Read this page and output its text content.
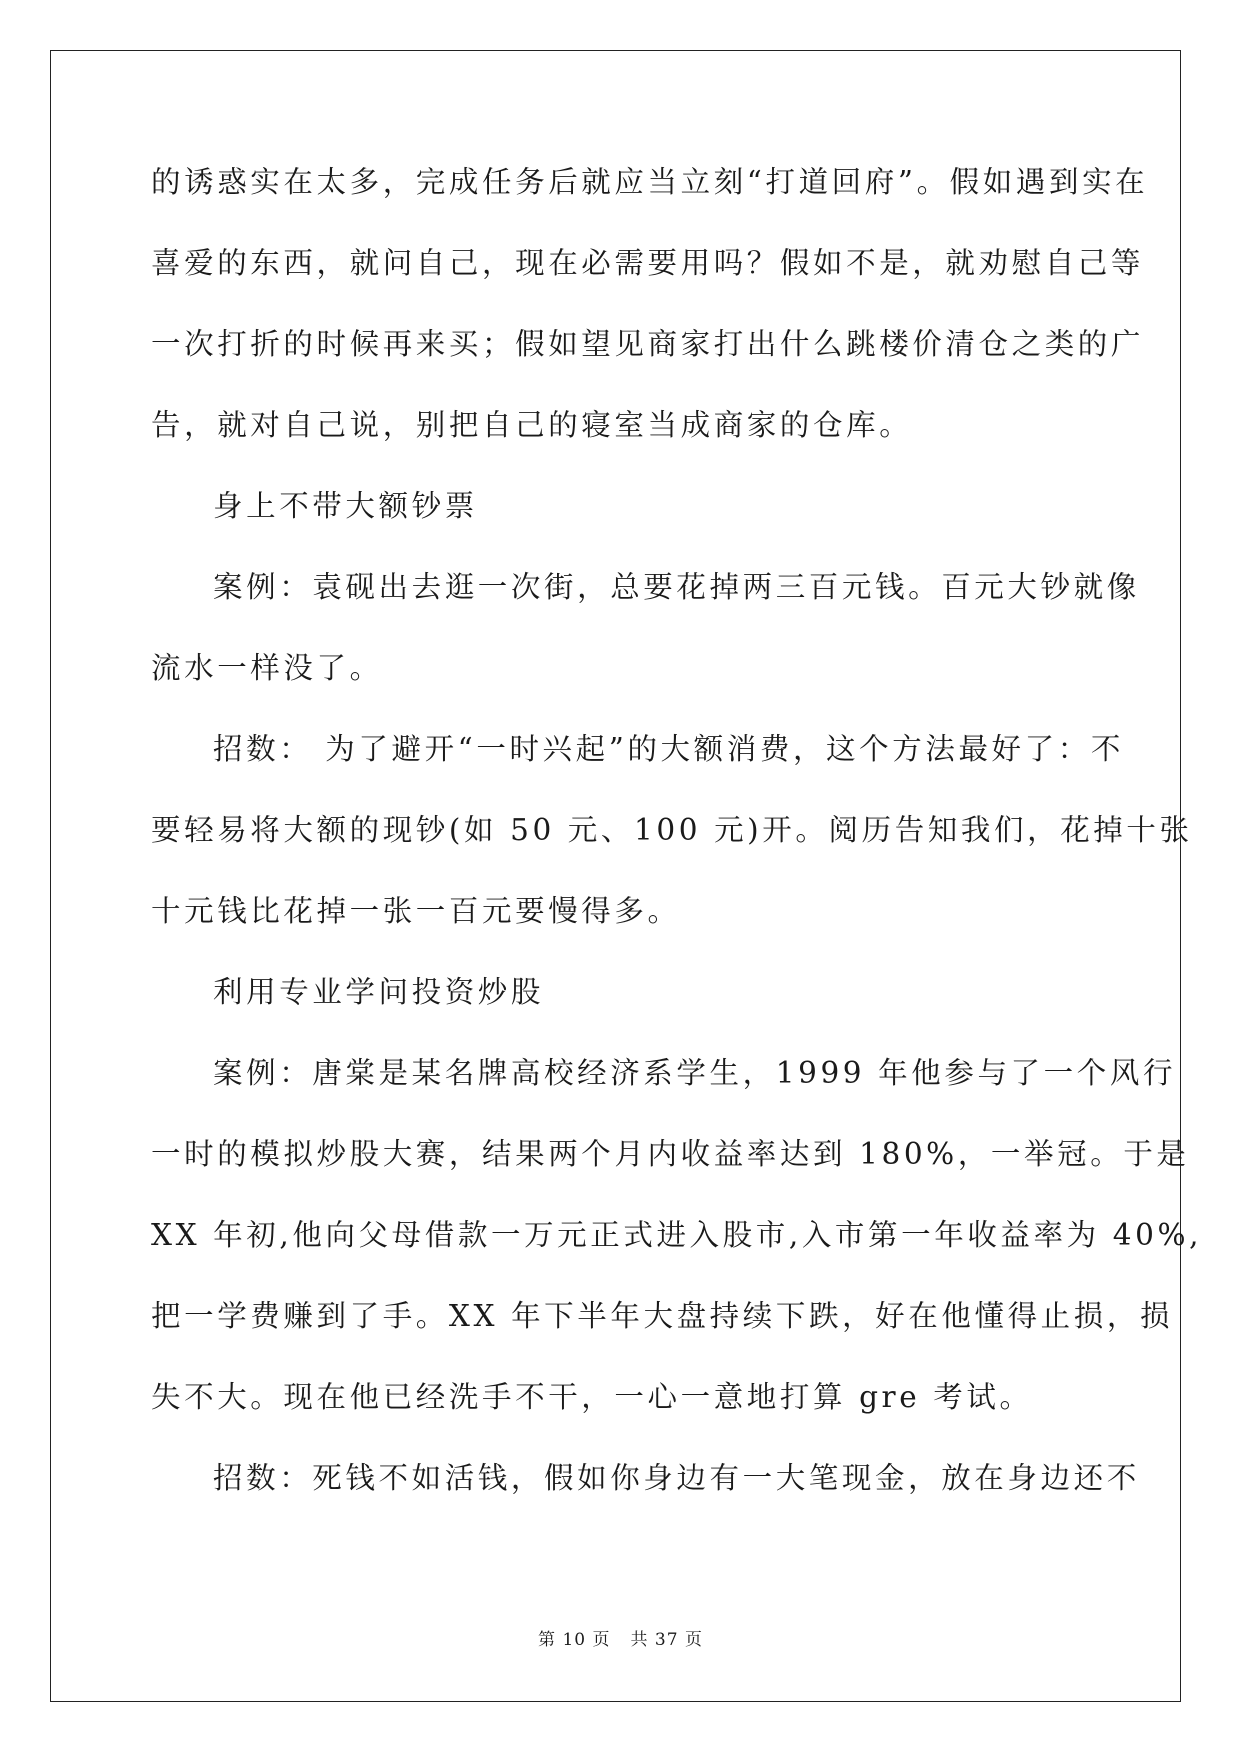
的诱惑实在太多，完成任务后就应当立刻“打道回府”。假如遇到实在
喜爱的东西，就问自己，现在必需要用吗？假如不是，就劝慰自己等
一次打折的时候再来买；假如望见商家打出什么跳楼价清仓之类的广
告，就对自己说，别把自己的寝室当成商家的仓库。
身上不带大额钞票
案例：袁砚出去逛一次街，总要花掉两三百元钱。百元大钞就像
流水一样没了。
招数： 为了避开“一时兴起”的大额消费，这个方法最好了：不
要轻易将大额的现钞(如 50 元、100 元)开。阅历告知我们，花掉十张
十元钱比花掉一张一百元要慢得多。
利用专业学问投资炒股
案例：唐棠是某名牌高校经济系学生，1999 年他参与了一个风行
一时的模拟炒股大赛，结果两个月内收益率达到 180%，一举冠。于是
XX 年初,他向父母借款一万元正式进入股市,入市第一年收益率为 40%,
把一学费赚到了手。XX 年下半年大盘持续下跌，好在他懂得止损，损
失不大。现在他已经洗手不干，一心一意地打算 gre 考试。
招数：死钱不如活钱，假如你身边有一大笔现金，放在身边还不
第 10 页 共 37 页
